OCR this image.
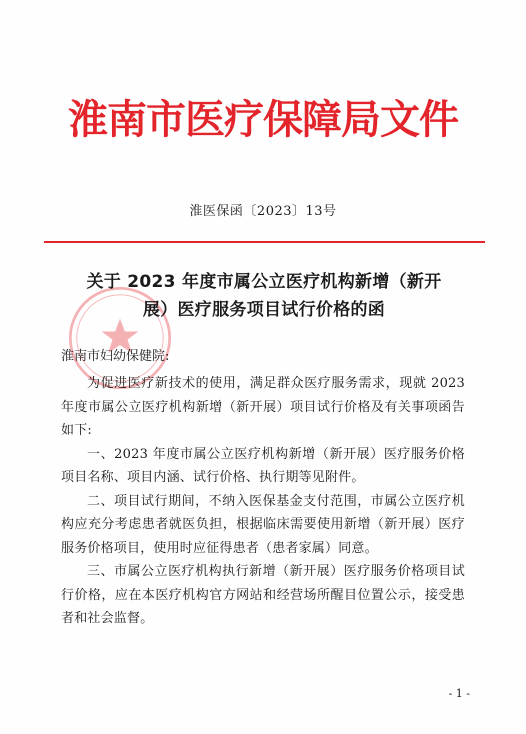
淮南市医疗保障局文件
淮医保函〔2023〕13号
关于 2023 年度市属公立医疗机构新增（新开
展）医疗服务项目试行价格的函
淮南市妇幼保健院:

为促进医疗新技术的使用，满足群众医疗服务需求，现就 2023 年度市属公立医疗机构新增（新开展）项目试行价格及有关事项函告如下:

一、2023 年度市属公立医疗机构新增（新开展）医疗服务价格项目名称、项目内涵、试行价格、执行期等见附件。

二、项目试行期间，不纳入医保基金支付范围，市属公立医疗机构应充分考虑患者就医负担，根据临床需要使用新增（新开展）医疗服务价格项目，使用时应征得患者（患者家属）同意。

三、市属公立医疗机构执行新增（新开展）医疗服务价格项目试行价格，应在本医疗机构官方网站和经营场所醒目位置公示，接受患者和社会监督。

- 1 -
